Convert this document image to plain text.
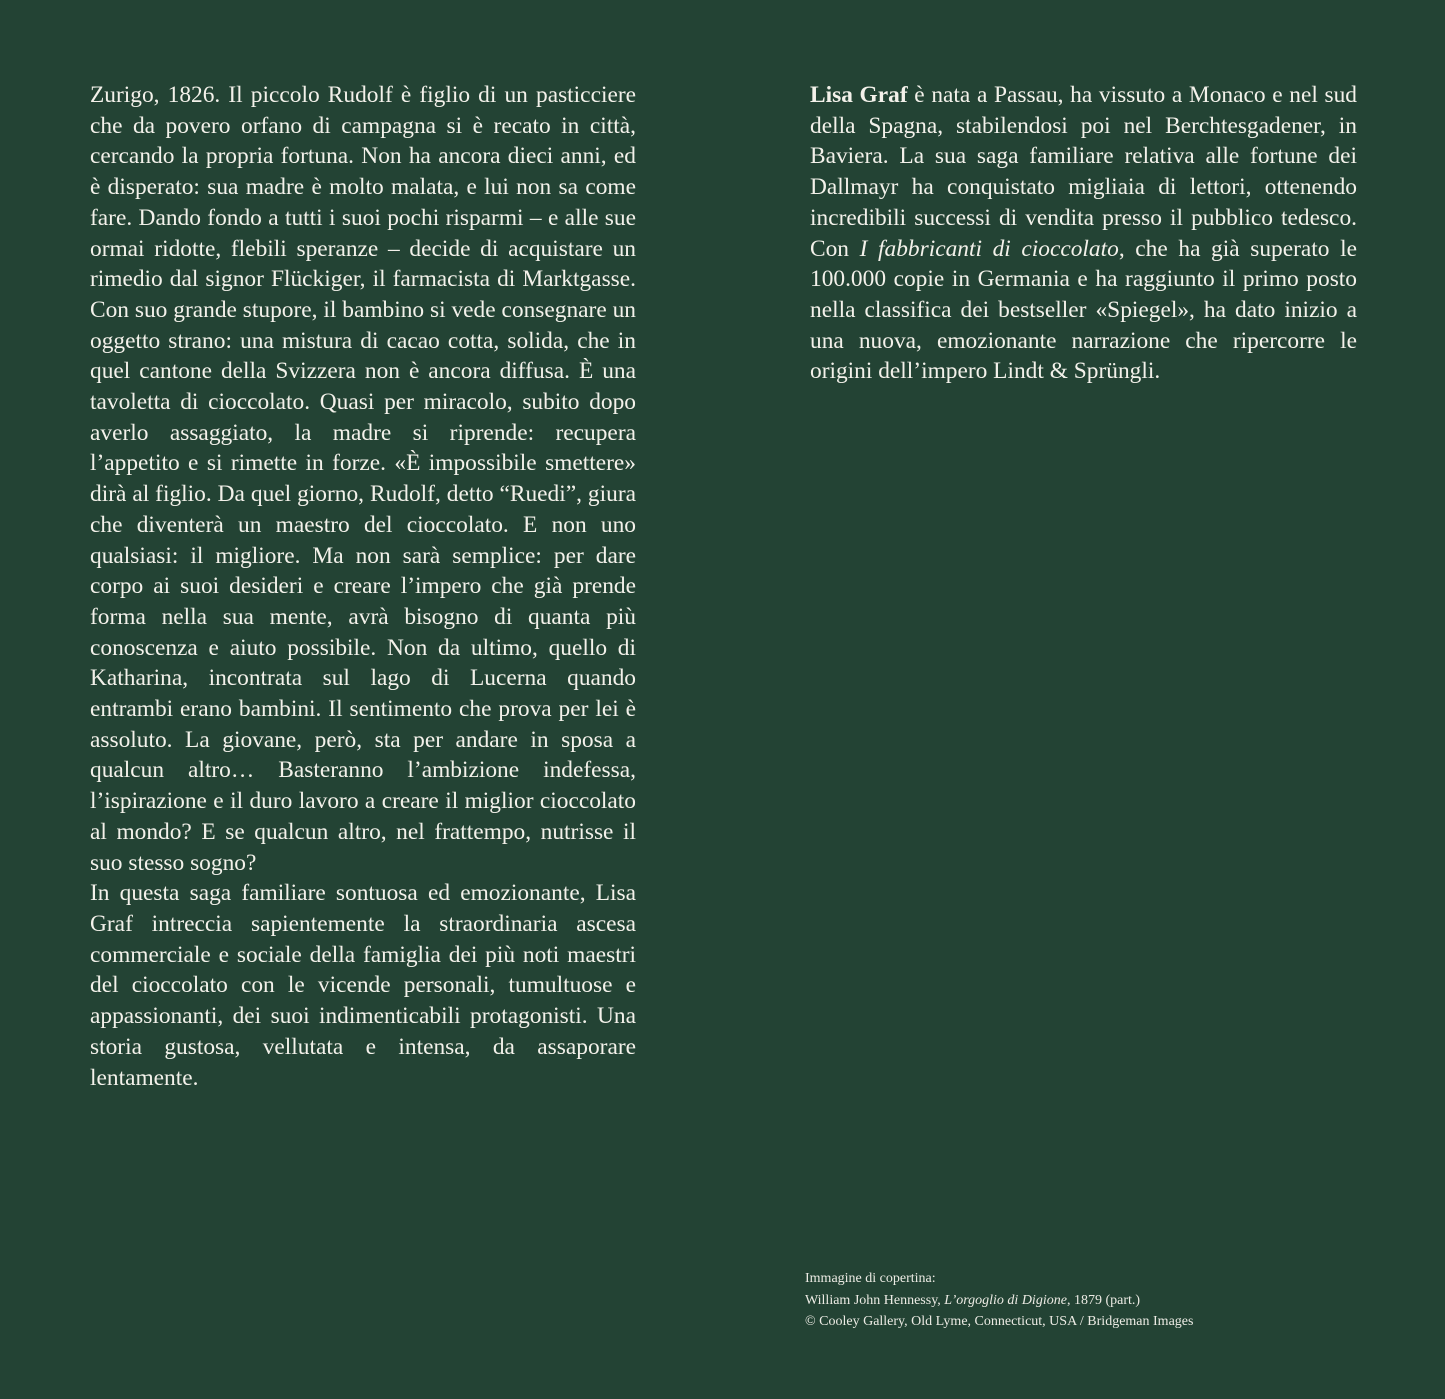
Zurigo, 1826. Il piccolo Rudolf è figlio di un pasticciere che da povero orfano di campagna si è recato in città, cercando la propria fortuna. Non ha ancora dieci anni, ed è disperato: sua madre è molto malata, e lui non sa come fare. Dando fondo a tutti i suoi pochi risparmi – e alle sue ormai ridotte, flebili speranze – decide di acquistare un rimedio dal signor Flückiger, il farmacista di Marktgasse. Con suo grande stupore, il bambino si vede consegnare un oggetto strano: una mistura di cacao cotta, solida, che in quel cantone della Svizzera non è ancora diffusa. È una tavoletta di cioccolato. Quasi per miracolo, subito dopo averlo assaggiato, la madre si riprende: recupera l’appetito e si rimette in forze. «È impossibile smettere» dirà al figlio. Da quel giorno, Rudolf, detto “Ruedi”, giura che diventerà un maestro del cioccolato. E non uno qualsiasi: il migliore. Ma non sarà semplice: per dare corpo ai suoi desideri e creare l’impero che già prende forma nella sua mente, avrà bisogno di quanta più conoscenza e aiuto possibile. Non da ultimo, quello di Katharina, incontrata sul lago di Lucerna quando entrambi erano bambini. Il sentimento che prova per lei è assoluto. La giovane, però, sta per andare in sposa a qualcun altro… Basteranno l’ambizione indefessa, l’ispirazione e il duro lavoro a creare il miglior cioccolato al mondo? E se qualcun altro, nel frattempo, nutrisse il suo stesso sogno?

In questa saga familiare sontuosa ed emozionante, Lisa Graf intreccia sapientemente la straordinaria ascesa commerciale e sociale della famiglia dei più noti maestri del cioccolato con le vicende personali, tumultuose e appassionanti, dei suoi indimenticabili protagonisti. Una storia gustosa, vellutata e intensa, da assaporare lentamente.

Lisa Graf è nata a Passau, ha vissuto a Monaco e nel sud della Spagna, stabilendosi poi nel Berchtesgadener, in Baviera. La sua saga familiare relativa alle fortune dei Dallmayr ha conquistato migliaia di lettori, ottenendo incredibili successi di vendita presso il pubblico tedesco. Con I fabbricanti di cioccolato, che ha già superato le 100.000 copie in Germania e ha raggiunto il primo posto nella classifica dei bestseller «Spiegel», ha dato inizio a una nuova, emozionante narrazione che ripercorre le origini dell’impero Lindt & Sprüngli.

Immagine di copertina:

William John Hennessy, L’orgoglio di Digione, 1879 (part.)

© Cooley Gallery, Old Lyme, Connecticut, USA / Bridgeman Images
